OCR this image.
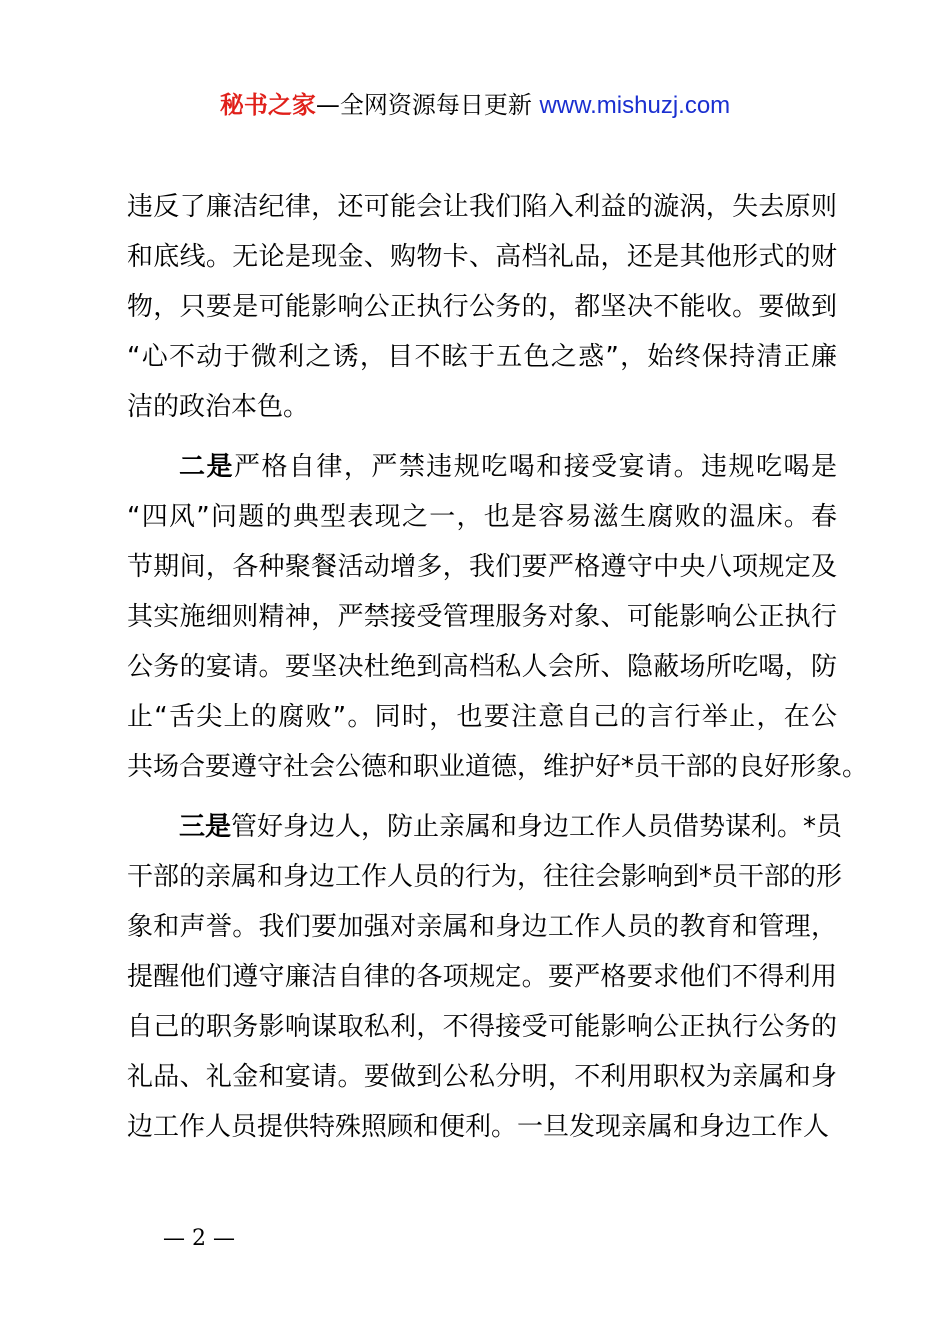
秘书之家—全网资源每日更新 www.mishuzj.com
违反了廉洁纪律，还可能会让我们陷入利益的漩涡，失去原则
和底线。无论是现金、购物卡、高档礼品，还是其他形式的财
物，只要是可能影响公正执行公务的，都坚决不能收。要做到
“心不动于微利之诱，目不眩于五色之惑”，始终保持清正廉
洁的政治本色。
二是严格自律，严禁违规吃喝和接受宴请。违规吃喝是
“四风”问题的典型表现之一，也是容易滋生腐败的温床。春
节期间，各种聚餐活动增多，我们要严格遵守中央八项规定及
其实施细则精神，严禁接受管理服务对象、可能影响公正执行
公务的宴请。要坚决杜绝到高档私人会所、隐蔽场所吃喝，防
止“舌尖上的腐败”。同时，也要注意自己的言行举止，在公
共场合要遵守社会公德和职业道德，维护好*员干部的良好形象。
三是管好身边人，防止亲属和身边工作人员借势谋利。*员
干部的亲属和身边工作人员的行为，往往会影响到*员干部的形
象和声誉。我们要加强对亲属和身边工作人员的教育和管理，
提醒他们遵守廉洁自律的各项规定。要严格要求他们不得利用
自己的职务影响谋取私利，不得接受可能影响公正执行公务的
礼品、礼金和宴请。要做到公私分明，不利用职权为亲属和身
边工作人员提供特殊照顾和便利。一旦发现亲属和身边工作人
— 2 —
